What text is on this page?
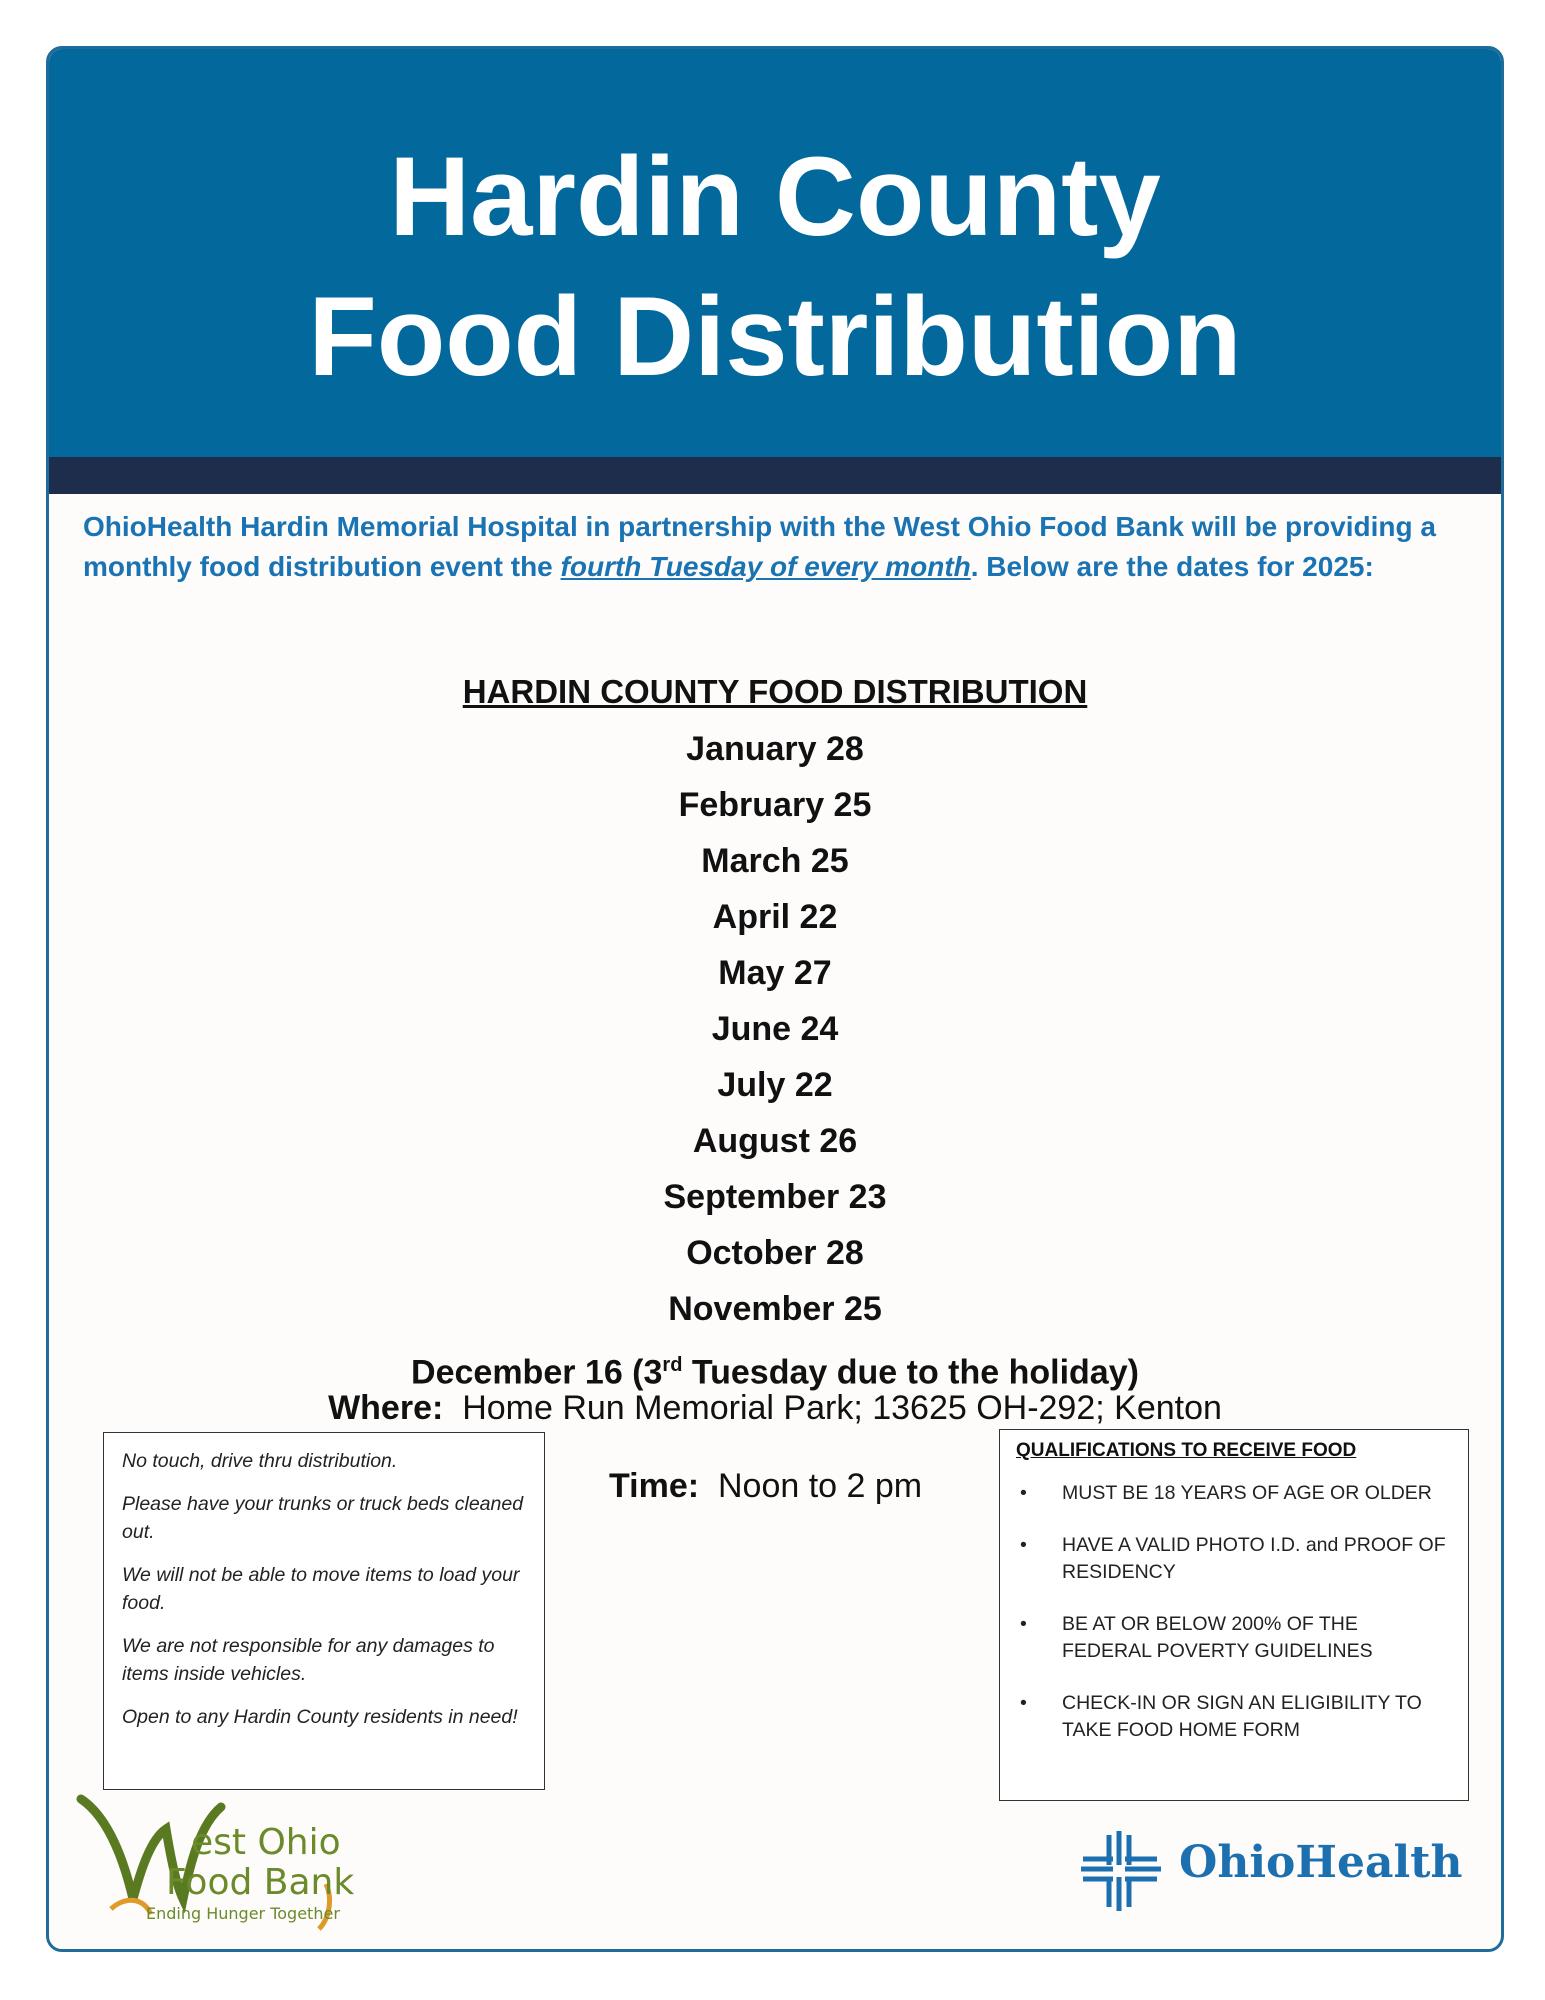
Hardin County
Food Distribution
OhioHealth Hardin Memorial Hospital in partnership with the West Ohio Food Bank will be providing a monthly food distribution event the fourth Tuesday of every month. Below are the dates for 2025:
HARDIN COUNTY FOOD DISTRIBUTION
January 28
February 25
March 25
April 22
May 27
June 24
July 22
August 26
September 23
October 28
November 25
December 16 (3rd Tuesday due to the holiday)
Where: Home Run Memorial Park; 13625 OH-292; Kenton
Time: Noon to 2 pm

No touch, drive thru distribution.

Please have your trunks or truck beds cleaned out.

We will not be able to move items to load your food.

We are not responsible for any damages to items inside vehicles.

Open to any Hardin County residents in need!

QUALIFICATIONS TO RECEIVE FOOD
• MUST BE 18 YEARS OF AGE OR OLDER
• HAVE A VALID PHOTO I.D. and PROOF OF RESIDENCY
• BE AT OR BELOW 200% OF THE FEDERAL POVERTY GUIDELINES
• CHECK-IN OR SIGN AN ELIGIBILITY TO TAKE FOOD HOME FORM
est Ohio
Food Bank
Ending Hunger Together
OhioHealth
